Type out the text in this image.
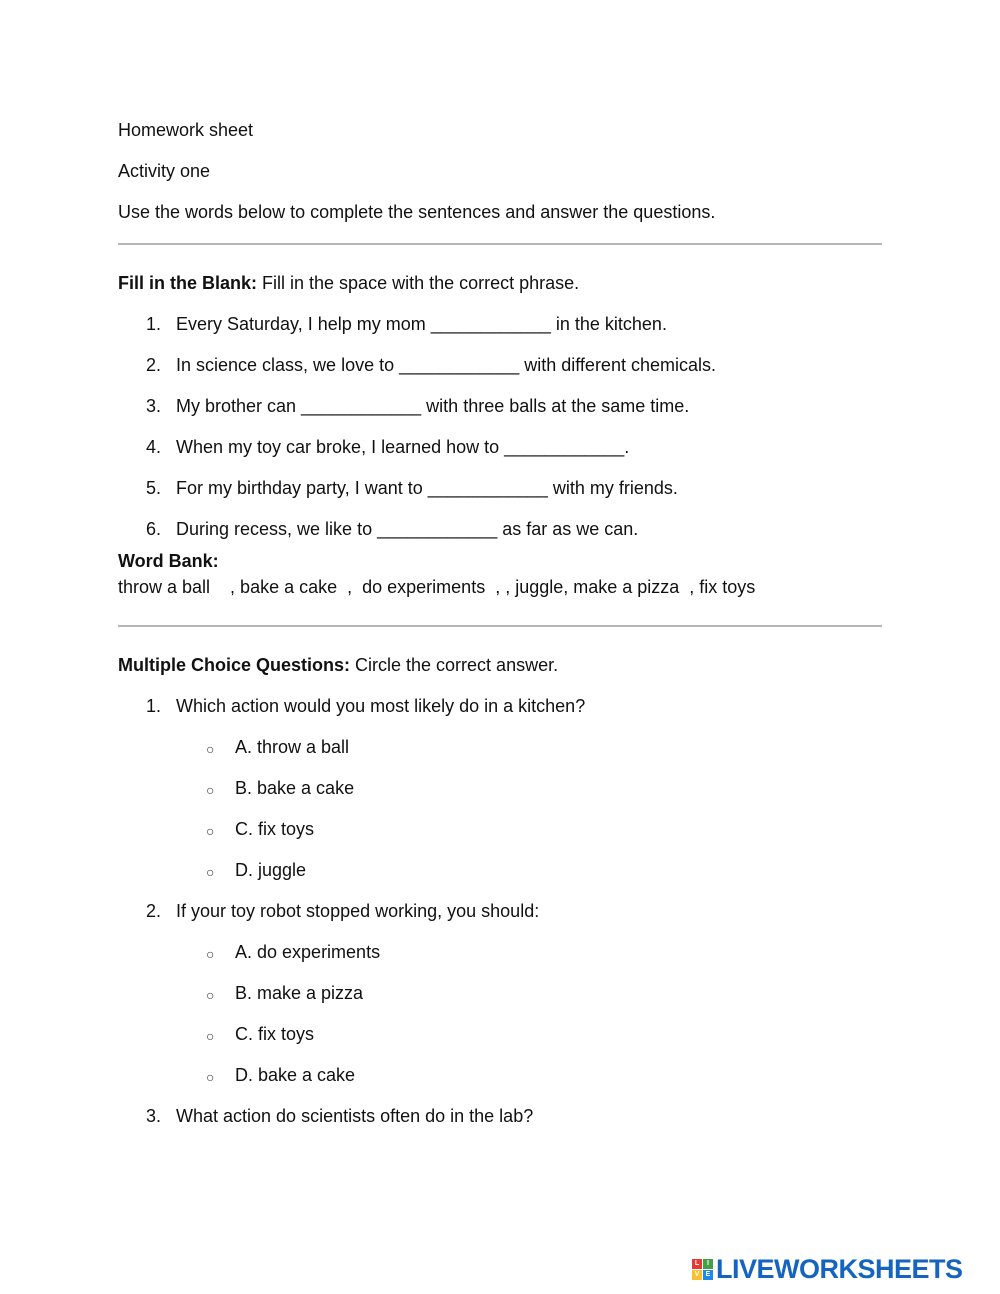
Homework sheet
Activity one
Use the words below to complete the sentences and answer the questions.
Fill in the Blank: Fill in the space with the correct phrase.
1. Every Saturday, I help my mom ____________ in the kitchen.
2. In science class, we love to ____________ with different chemicals.
3. My brother can ____________ with three balls at the same time.
4. When my toy car broke, I learned how to ____________.
5. For my birthday party, I want to ____________ with my friends.
6. During recess, we like to ____________ as far as we can.
Word Bank:
throw a ball    , bake a cake  ,  do experiments  , , juggle, make a pizza  , fix toys
Multiple Choice Questions: Circle the correct answer.
1. Which action would you most likely do in a kitchen?
○ A. throw a ball
○ B. bake a cake
○ C. fix toys
○ D. juggle
2. If your toy robot stopped working, you should:
○ A. do experiments
○ B. make a pizza
○ C. fix toys
○ D. bake a cake
3. What action do scientists often do in the lab?
L	I
V E LIVEWORKSHEETS
